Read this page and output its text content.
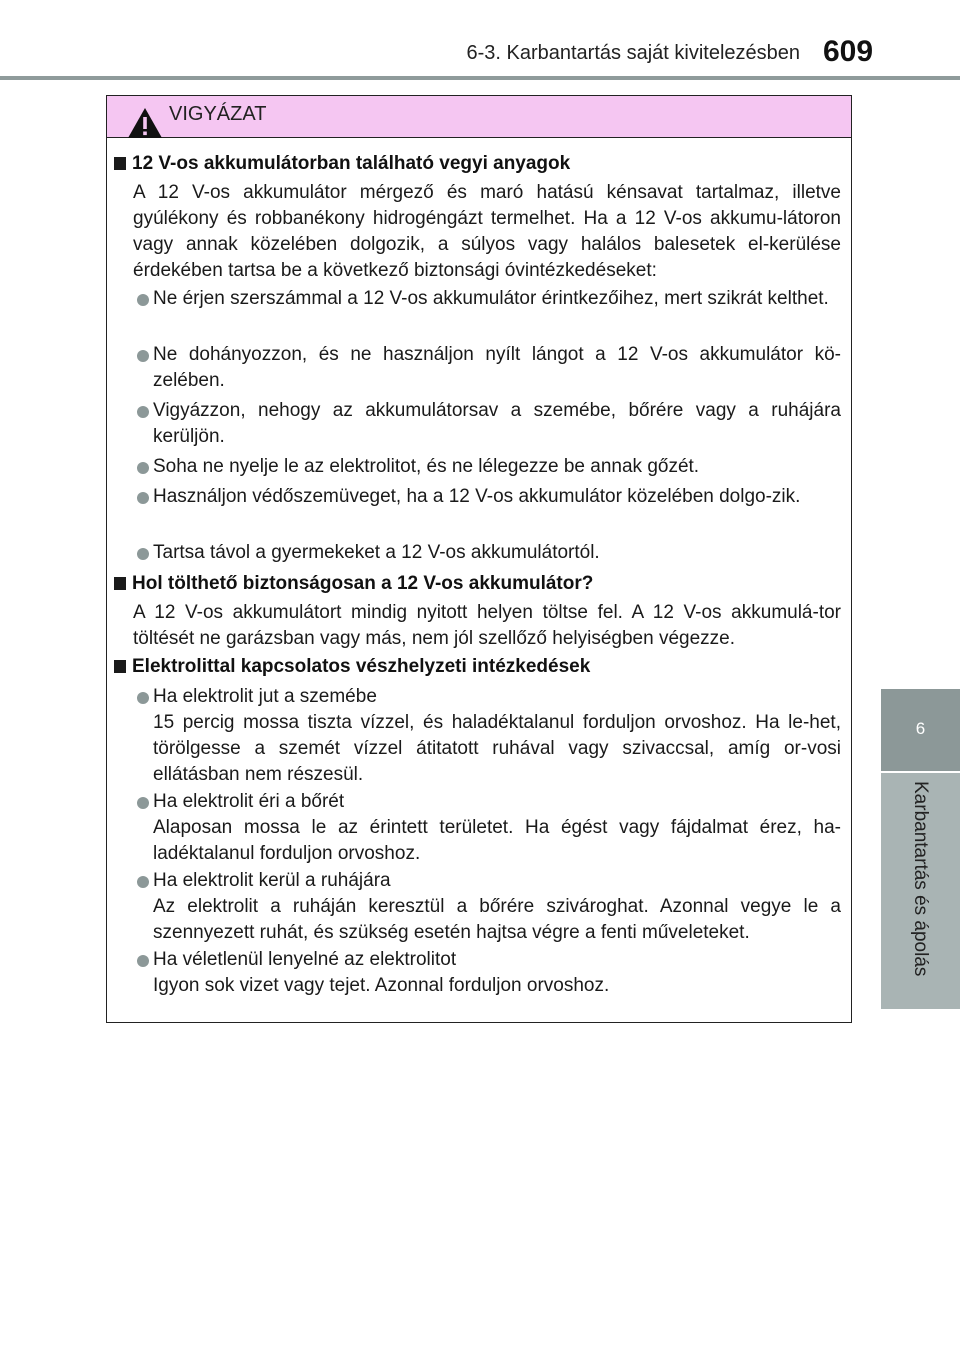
6-3. Karbantartás saját kivitelezésben 609
6
Karbantartás és ápolás
VIGYÁZAT
12 V-os akkumulátorban található vegyi anyagok
A 12 V-os akkumulátor mérgező és maró hatású kénsavat tartalmaz, illetve gyúlékony és robbanékony hidrogéngázt termelhet. Ha a 12 V-os akkumu-látoron vagy annak közelében dolgozik, a súlyos vagy halálos balesetek el-kerülése érdekében tartsa be a következő biztonsági óvintézkedéseket:
Ne érjen szerszámmal a 12 V-os akkumulátor érintkezőihez, mert szikrát kelthet.
Ne dohányozzon, és ne használjon nyílt lángot a 12 V-os akkumulátor kö-zelében.
Vigyázzon, nehogy az akkumulátorsav a szemébe, bőrére vagy a ruhájára kerüljön.
Soha ne nyelje le az elektrolitot, és ne lélegezze be annak gőzét.
Használjon védőszemüveget, ha a 12 V-os akkumulátor közelében dolgo-zik.
Tartsa távol a gyermekeket a 12 V-os akkumulátortól.
Hol tölthető biztonságosan a 12 V-os akkumulátor?
A 12 V-os akkumulátort mindig nyitott helyen töltse fel. A 12 V-os akkumulá-tor töltését ne garázsban vagy más, nem jól szellőző helyiségben végezze.
Elektrolittal kapcsolatos vészhelyzeti intézkedések
Ha elektrolit jut a szemébe
15 percig mossa tiszta vízzel, és haladéktalanul forduljon orvoshoz. Ha le-het, törölgesse a szemét vízzel átitatott ruhával vagy szivaccsal, amíg or-vosi ellátásban nem részesül.
Ha elektrolit éri a bőrét
Alaposan mossa le az érintett területet. Ha égést vagy fájdalmat érez, ha-ladéktalanul forduljon orvoshoz.
Ha elektrolit kerül a ruhájára
Az elektrolit a ruháján keresztül a bőrére szivároghat. Azonnal vegye le a szennyezett ruhát, és szükség esetén hajtsa végre a fenti műveleteket.
Ha véletlenül lenyelné az elektrolitot
Igyon sok vizet vagy tejet. Azonnal forduljon orvoshoz.
